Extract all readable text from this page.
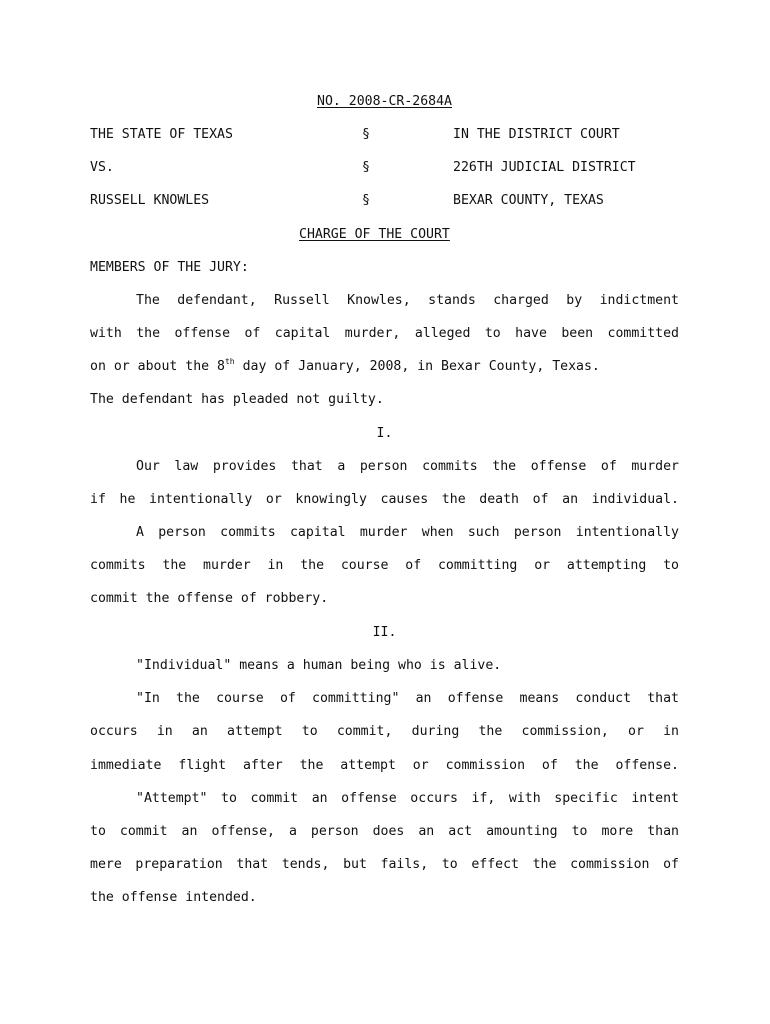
NO. 2008-CR-2684A
THE STATE OF TEXAS	§	IN THE DISTRICT COURT
VS.	§	226TH JUDICIAL DISTRICT
RUSSELL KNOWLES	§	BEXAR COUNTY, TEXAS
CHARGE OF THE COURT
MEMBERS OF THE JURY:
The defendant, Russell Knowles, stands charged by indictment
with the offense of capital murder, alleged to have been committed
on or about the 8th day of January, 2008, in Bexar County, Texas.
The defendant has pleaded not guilty.
I.
Our law provides that a person commits the offense of murder
if he intentionally or knowingly causes the death of an individual.
A person commits capital murder when such person intentionally
commits the murder in the course of committing or attempting to
commit the offense of robbery.
II.
"Individual" means a human being who is alive.
"In the course of committing" an offense means conduct that
occurs in an attempt to commit, during the commission, or in
immediate flight after the attempt or commission of the offense.
"Attempt" to commit an offense occurs if, with specific intent
to commit an offense, a person does an act amounting to more than
mere preparation that tends, but fails, to effect the commission of
the offense intended.
